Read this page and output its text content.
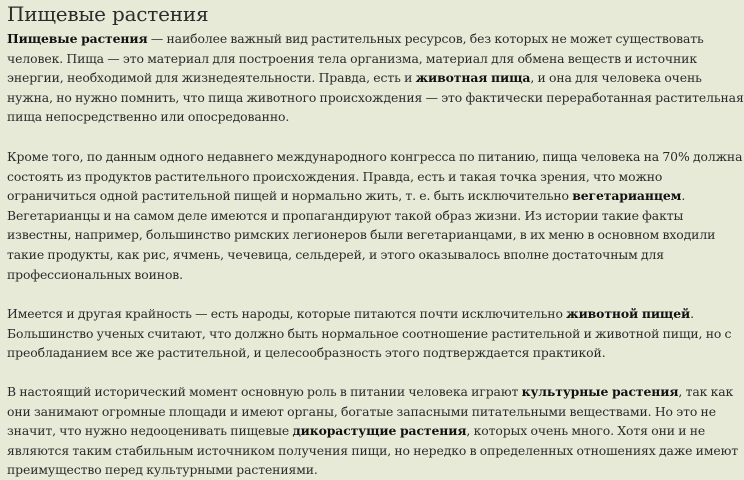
Пищевые растения

Пищевые растения — наиболее важный вид растительных ресурсов, без которых не может существовать
человек. Пища — это материал для построения тела организма, материал для обмена веществ и источник
энергии, необходимой для жизнедеятельности. Правда, есть и животная пища, и она для человека очень
нужна, но нужно помнить, что пища животного происхождения — это фактически переработанная растительная
пища непосредственно или опосредованно.

Кроме того, по данным одного недавнего международного конгресса по питанию, пища человека на 70% должна
состоять из продуктов растительного происхождения. Правда, есть и такая точка зрения, что можно
ограничиться одной растительной пищей и нормально жить, т. е. быть исключительно вегетарианцем.
Вегетарианцы и на самом деле имеются и пропагандируют такой образ жизни. Из истории такие факты
известны, например, большинство римских легионеров были вегетарианцами, в их меню в основном входили
такие продукты, как рис, ячмень, чечевица, сельдерей, и этого оказывалось вполне достаточным для
профессиональных воинов.

Имеется и другая крайность — есть народы, которые питаются почти исключительно животной пищей.
Большинство ученых считают, что должно быть нормальное соотношение растительной и животной пищи, но с
преобладанием все же растительной, и целесообразность этого подтверждается практикой.

В настоящий исторический момент основную роль в питании человека играют культурные растения, так как
они занимают огромные площади и имеют органы, богатые запасными питательными веществами. Но это не
значит, что нужно недооценивать пищевые дикорастущие растения, которых очень много. Хотя они и не
являются таким стабильным источником получения пищи, но нередко в определенных отношениях даже имеют
преимущество перед культурными растениями.
